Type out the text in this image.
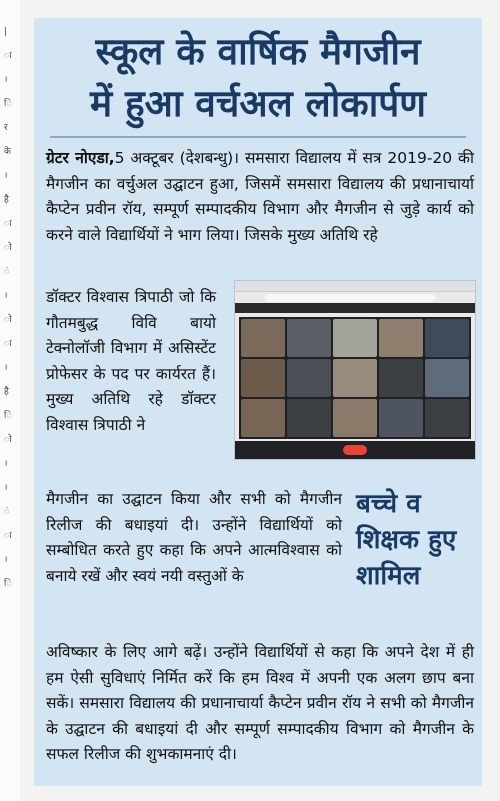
|
ा
।
ि
र
के
।
है
ा
ो
ं
।
ो
ा
।
है
ि
ो
।
।
ं
ा
।
ि
स्कूल के वार्षिक मैगजीन
में हुआ वर्चअल लोकार्पण
ग्रेटर नोएडा,5 अक्टूबर (देशबन्धु)। समसारा विद्यालय में सत्र 2019-20 की मैगजीन का वर्चुअल उद्घाटन हुआ, जिसमें समसारा विद्यालय की प्रधानाचार्या कैप्टेन प्रवीन रॉय, सम्पूर्ण सम्पादकीय विभाग और मैगजीन से जुड़े कार्य को करने वाले विद्यार्थियों ने भाग लिया। जिसके मुख्य अतिथि रहे
डॉक्टर विश्वास त्रिपाठी जो कि गौतमबुद्ध विवि बायो टेक्नोलॉजी विभाग में असिस्टेंट प्रोफेसर के पद पर कार्यरत हैं। मुख्य अतिथि रहे डॉक्टर विश्वास त्रिपाठी ने
मैगजीन का उद्घाटन किया और सभी को मैगजीन रिलीज की बधाइयां दी। उन्होंने विद्यार्थियों को सम्बोधित करते हुए कहा कि अपने आत्मविश्वास को बनाये रखें और स्वयं नयी वस्तुओं के
बच्चे व
शिक्षक हुए
शामिल
अविष्कार के लिए आगे बढ़ें। उन्होंने विद्यार्थियों से कहा कि अपने देश में ही हम ऐसी सुविधाएं निर्मित करें कि हम विश्व में अपनी एक अलग छाप बना सकें। समसारा विद्यालय की प्रधानाचार्या कैप्टेन प्रवीन रॉय ने सभी को मैगजीन के उद्घाटन की बधाइयां दी और सम्पूर्ण सम्पादकीय विभाग को मैगजीन के सफल रिलीज की शुभकामनाएं दी।
